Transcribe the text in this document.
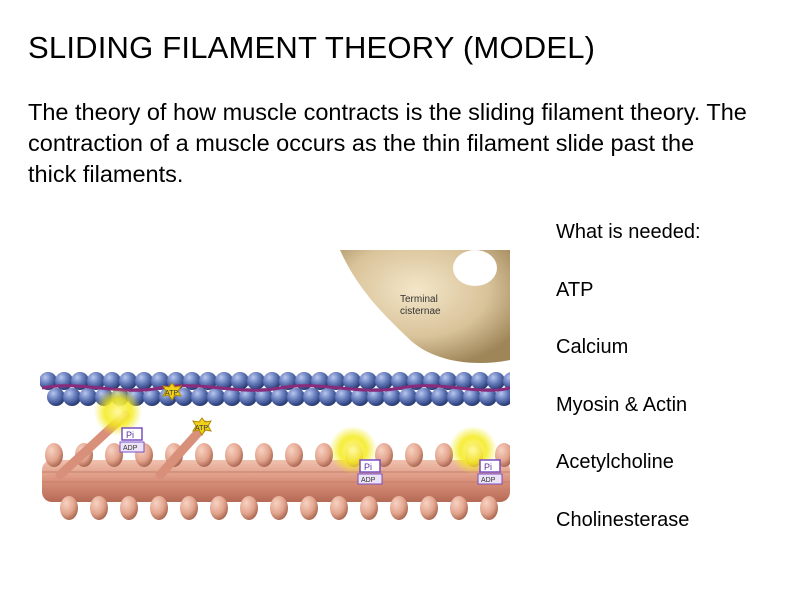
SLIDING FILAMENT THEORY (MODEL)
The theory of how muscle contracts is the sliding filament theory. The contraction of a muscle occurs as the thin filament slide past the thick filaments.
Terminal
cisternae
ATP
ATP
Pi
Pi	Pi
ADP
ADP	ADP
What is needed:
ATP
Calcium
Myosin & Actin
Acetylcholine
Cholinesterase
